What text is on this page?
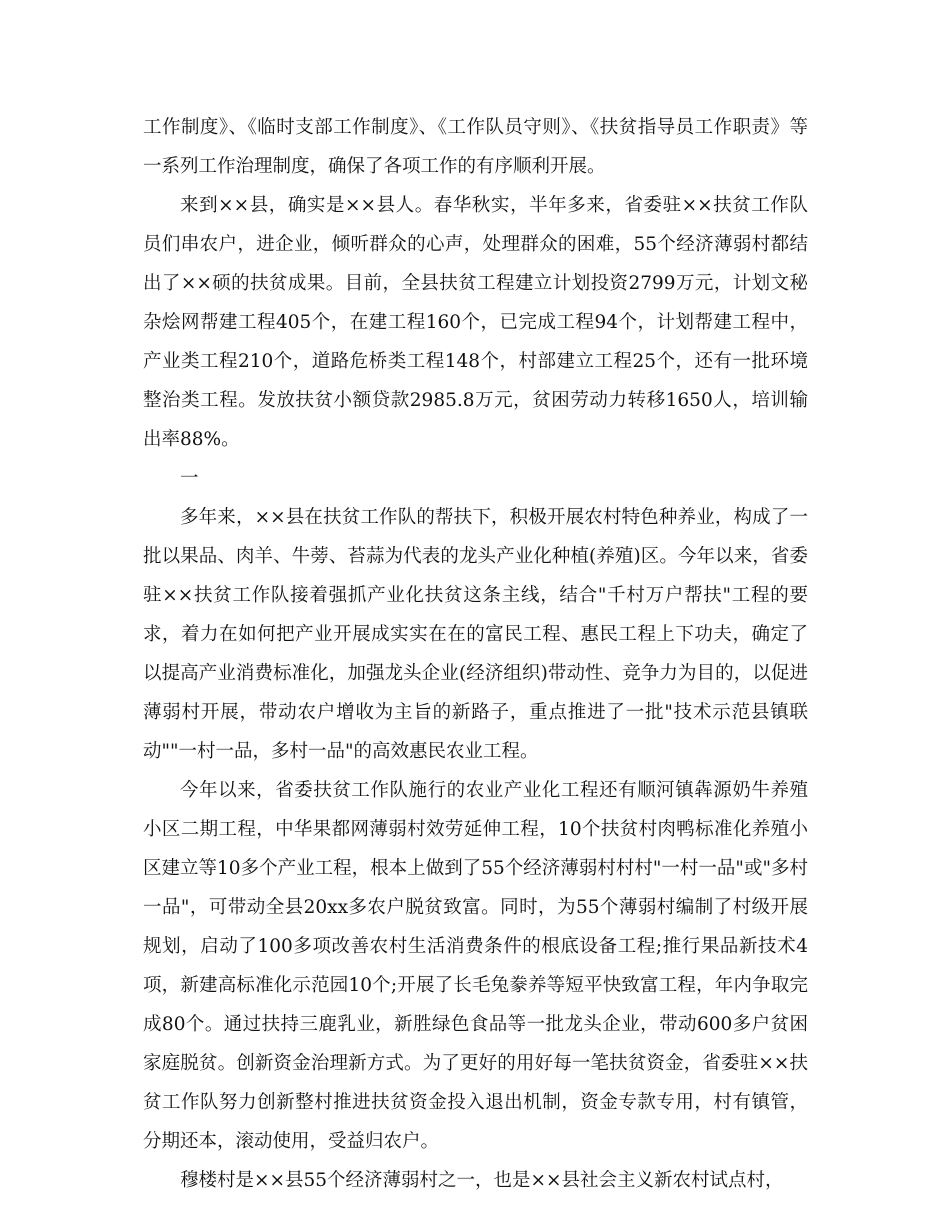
工作制度》、《临时支部工作制度》、《工作队员守则》、《扶贫指导员工作职责》等一系列工作治理制度，确保了各项工作的有序顺利开展。

来到××县，确实是××县人。春华秋实，半年多来，省委驻××扶贫工作队员们串农户，进企业，倾听群众的心声，处理群众的困难，55个经济薄弱村都结出了××硕的扶贫成果。目前，全县扶贫工程建立计划投资2799万元，计划文秘杂烩网帮建工程405个，在建工程160个，已完成工程94个，计划帮建工程中，产业类工程210个，道路危桥类工程148个，村部建立工程25个，还有一批环境整治类工程。发放扶贫小额贷款2985.8万元，贫困劳动力转移1650人，培训输出率88%。

一

多年来，××县在扶贫工作队的帮扶下，积极开展农村特色种养业，构成了一批以果品、肉羊、牛蒡、苔蒜为代表的龙头产业化种植(养殖)区。今年以来，省委驻××扶贫工作队接着强抓产业化扶贫这条主线，结合"千村万户帮扶"工程的要求，着力在如何把产业开展成实实在在的富民工程、惠民工程上下功夫，确定了以提高产业消费标准化，加强龙头企业(经济组织)带动性、竞争力为目的，以促进薄弱村开展，带动农户增收为主旨的新路子，重点推进了一批"技术示范县镇联动""一村一品，多村一品"的高效惠民农业工程。

今年以来，省委扶贫工作队施行的农业产业化工程还有顺河镇犇源奶牛养殖小区二期工程，中华果都网薄弱村效劳延伸工程，10个扶贫村肉鸭标准化养殖小区建立等10多个产业工程，根本上做到了55个经济薄弱村村村"一村一品"或"多村一品"，可带动全县20xx多农户脱贫致富。同时，为55个薄弱村编制了村级开展规划，启动了100多项改善农村生活消费条件的根底设备工程;推行果品新技术4项，新建高标准化示范园10个;开展了长毛兔豢养等短平快致富工程，年内争取完成80个。通过扶持三鹿乳业，新胜绿色食品等一批龙头企业，带动600多户贫困家庭脱贫。创新资金治理新方式。为了更好的用好每一笔扶贫资金，省委驻××扶贫工作队努力创新整村推进扶贫资金投入退出机制，资金专款专用，村有镇管，分期还本，滚动使用，受益归农户。

穆楼村是××县55个经济薄弱村之一，也是××县社会主义新农村试点村，
